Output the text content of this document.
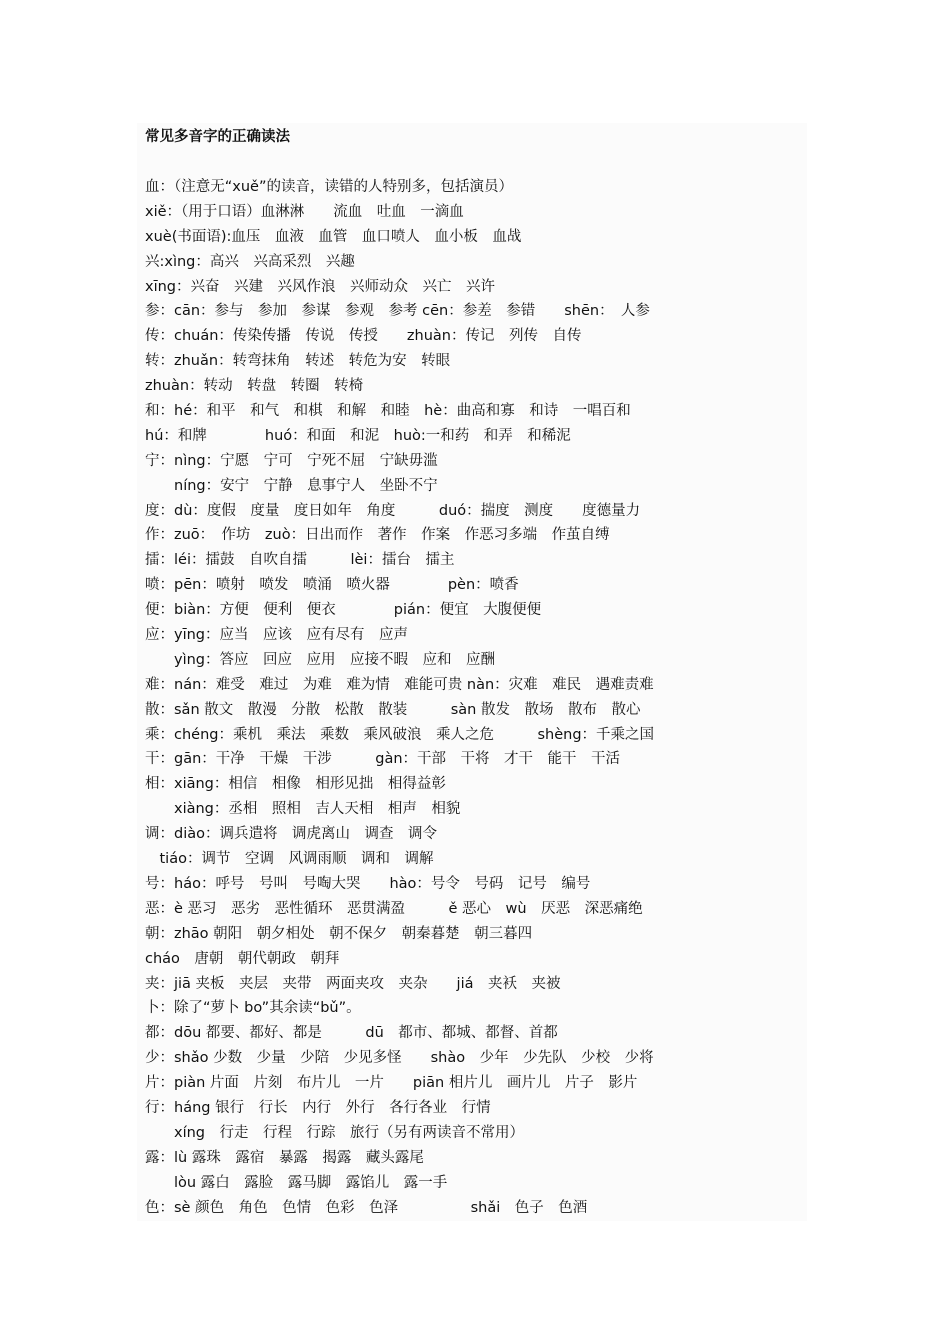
常见多音字的正确读法
血：（注意无“xuě”的读音，读错的人特别多，包括演员）
xiě：（用于口语）血淋淋　　流血　吐血　一滴血
xuè(书面语):血压　血液　血管　血口喷人　血小板　血战
兴:xìng：高兴　兴高采烈　兴趣
xīng：兴奋　兴建　兴风作浪　兴师动众　兴亡　兴许
参：cān：参与　参加　参谋　参观　参考 cēn：参差　参错　　shēn：　人参
传：chuán：传染传播　传说　传授　　zhuàn：传记　列传　自传
转：zhuǎn：转弯抹角　转述　转危为安　转眼
zhuàn：转动　转盘　转圈　转椅
和：hé：和平　和气　和棋　和解　和睦　hè：曲高和寡　和诗　一唱百和
hú：和牌　　　　huó：和面　和泥　huò:一和药　和弄　和稀泥
宁：nìng：宁愿　宁可　宁死不屈　宁缺毋滥
　　níng：安宁　宁静　息事宁人　坐卧不宁
度：dù：度假　度量　度日如年　角度　　　duó：揣度　测度　　度德量力
作：zuō：　作坊　zuò：日出而作　著作　作案　作恶习多端　作茧自缚
擂：léi：擂鼓　自吹自擂　　　lèi：擂台　擂主
喷：pēn：喷射　喷发　喷涌　喷火器　　　　pèn：喷香
便：biàn：方便　便利　便衣　　　　pián：便宜　大腹便便
应：yīng：应当　应该　应有尽有　应声
　　yìng：答应　回应　应用　应接不暇　应和　应酬
难：nán：难受　难过　为难　难为情　难能可贵 nàn：灾难　难民　遇难责难
散：sǎn 散文　散漫　分散　松散　散装　　　sàn 散发　散场　散布　散心
乘：chéng：乘机　乘法　乘数　乘风破浪　乘人之危　　　shèng：千乘之国
干：gān：干净　干燥　干涉　　　gàn：干部　干将　才干　能干　干活
相：xiāng：相信　相像　相形见拙　相得益彰
　　xiàng：丞相　照相　吉人天相　相声　相貌
调：diào：调兵遣将　调虎离山　调查　调令
　tiáo：调节　空调　风调雨顺　调和　调解
号：háo：呼号　号叫　号啕大哭　　hào：号令　号码　记号　编号
恶：è 恶习　恶劣　恶性循环　恶贯满盈　　　ě 恶心　wù　厌恶　深恶痛绝
朝：zhāo 朝阳　朝夕相处　朝不保夕　朝秦暮楚　朝三暮四
cháo　唐朝　朝代朝政　朝拜
夹：jiā 夹板　夹层　夹带　两面夹攻　夹杂　　jiá　夹袄　夹被
卜：除了“萝卜 bo”其余读“bǔ”。
都：dōu 都要、都好、都是　　　dū　都市、都城、都督、首都
少：shǎo 少数　少量　少陪　少见多怪　　shào　少年　少先队　少校　少将
片：piàn 片面　片刻　布片儿　一片　　piān 相片儿　画片儿　片子　影片
行：háng 银行　行长　内行　外行　各行各业　行情
　　xíng　行走　行程　行踪　旅行（另有两读音不常用）
露：lù 露珠　露宿　暴露　揭露　藏头露尾
　　lòu 露白　露脸　露马脚　露馅儿　露一手
色：sè 颜色　角色　色情　色彩　色泽　　　　　shǎi　色子　色酒
